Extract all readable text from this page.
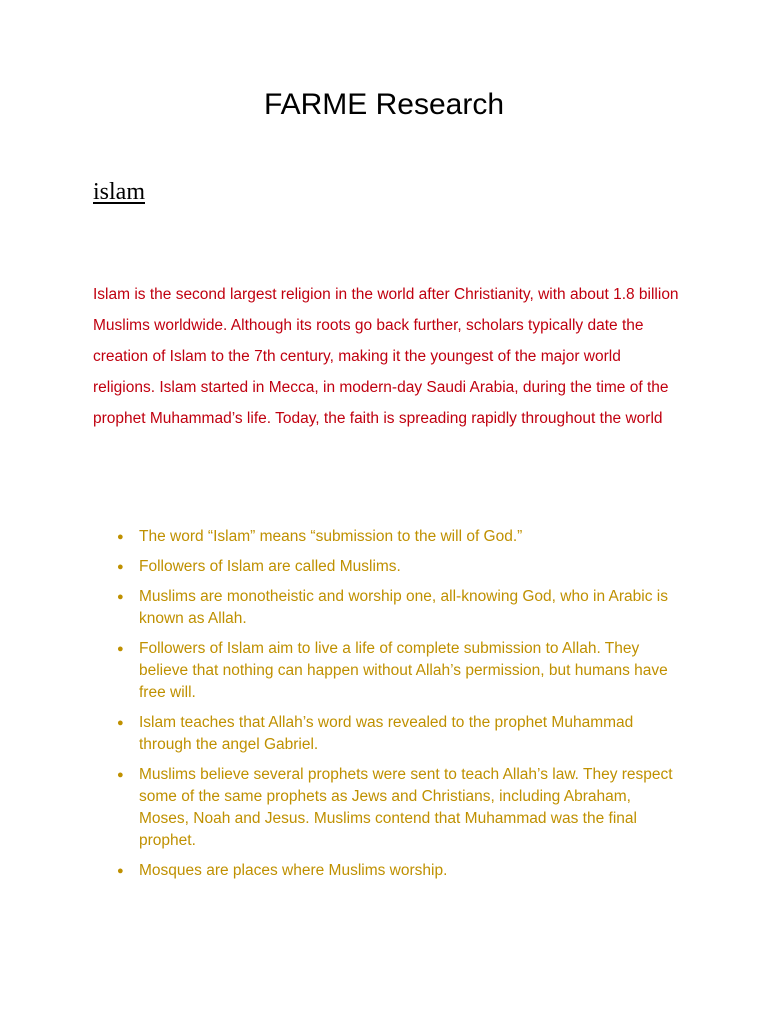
FARME Research
islam

Islam is the second largest religion in the world after Christianity, with about 1.8 billion Muslims worldwide. Although its roots go back further, scholars typically date the creation of Islam to the 7th century, making it the youngest of the major world religions. Islam started in Mecca, in modern-day Saudi Arabia, during the time of the prophet Muhammad’s life. Today, the faith is spreading rapidly throughout the world

● The word “Islam” means “submission to the will of God.”
● Followers of Islam are called Muslims.
● Muslims are monotheistic and worship one, all-knowing God, who in Arabic is known as Allah.
● Followers of Islam aim to live a life of complete submission to Allah. They believe that nothing can happen without Allah’s permission, but humans have free will.
● Islam teaches that Allah’s word was revealed to the prophet Muhammad through the angel Gabriel.
● Muslims believe several prophets were sent to teach Allah’s law. They respect some of the same prophets as Jews and Christians, including Abraham, Moses, Noah and Jesus. Muslims contend that Muhammad was the final prophet.
● Mosques are places where Muslims worship.
